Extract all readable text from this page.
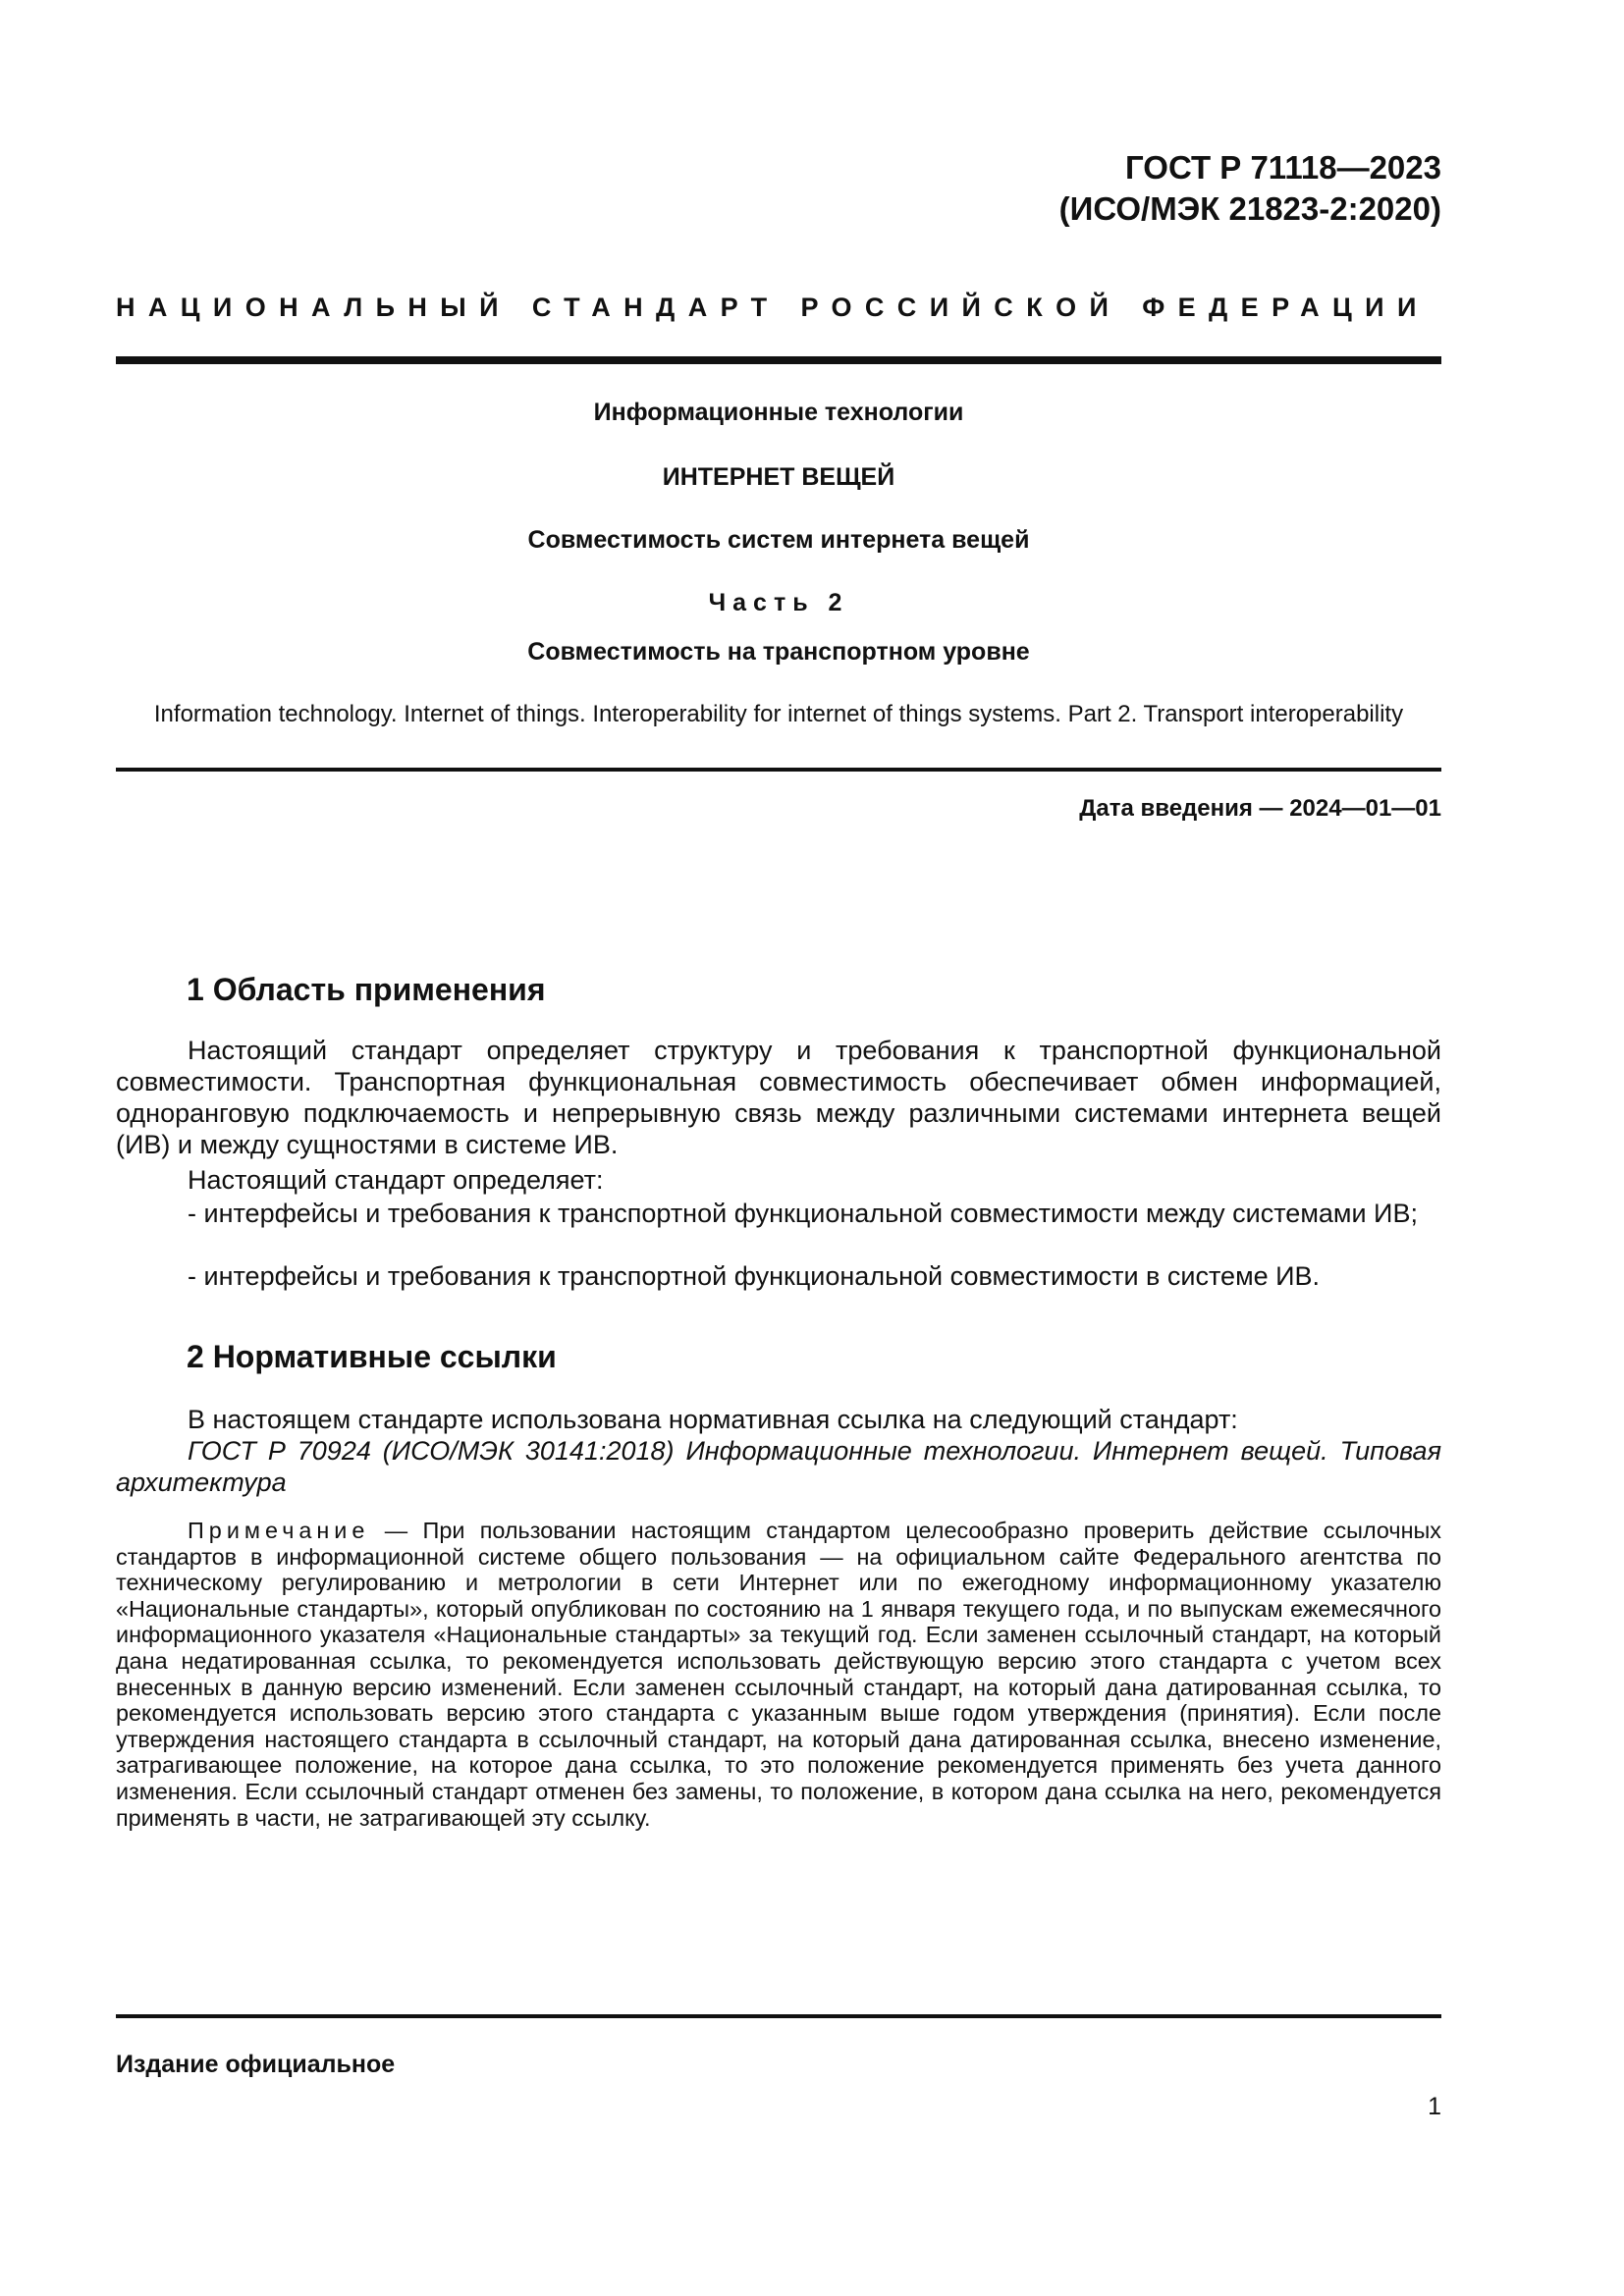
ГОСТ Р 71118—2023
(ИСО/МЭК 21823-2:2020)
НАЦИОНАЛЬНЫЙ СТАНДАРТ РОССИЙСКОЙ ФЕДЕРАЦИИ
Информационные технологии
ИНТЕРНЕТ ВЕЩЕЙ
Совместимость систем интернета вещей
Часть 2
Совместимость на транспортном уровне
Information technology. Internet of things. Interoperability for internet of things systems. Part 2. Transport interoperability
Дата введения — 2024—01—01
1 Область применения
Настоящий стандарт определяет структуру и требования к транспортной функциональной совместимости. Транспортная функциональная совместимость обеспечивает обмен информацией, одноранговую подключаемость и непрерывную связь между различными системами интернета вещей (ИВ) и между сущностями в системе ИВ.
Настоящий стандарт определяет:
- интерфейсы и требования к транспортной функциональной совместимости между системами ИВ;
- интерфейсы и требования к транспортной функциональной совместимости в системе ИВ.
2 Нормативные ссылки
В настоящем стандарте использована нормативная ссылка на следующий стандарт:
ГОСТ Р 70924 (ИСО/МЭК 30141:2018) Информационные технологии. Интернет вещей. Типовая архитектура
Примечание — При пользовании настоящим стандартом целесообразно проверить действие ссылочных стандартов в информационной системе общего пользования — на официальном сайте Федерального агентства по техническому регулированию и метрологии в сети Интернет или по ежегодному информационному указателю «Национальные стандарты», который опубликован по состоянию на 1 января текущего года, и по выпускам ежемесячного информационного указателя «Национальные стандарты» за текущий год. Если заменен ссылочный стандарт, на который дана недатированная ссылка, то рекомендуется использовать действующую версию этого стандарта с учетом всех внесенных в данную версию изменений. Если заменен ссылочный стандарт, на который дана датированная ссылка, то рекомендуется использовать версию этого стандарта с указанным выше годом утверждения (принятия). Если после утверждения настоящего стандарта в ссылочный стандарт, на который дана датированная ссылка, внесено изменение, затрагивающее положение, на которое дана ссылка, то это положение рекомендуется применять без учета данного изменения. Если ссылочный стандарт отменен без замены, то положение, в котором дана ссылка на него, рекомендуется применять в части, не затрагивающей эту ссылку.
Издание официальное
1
